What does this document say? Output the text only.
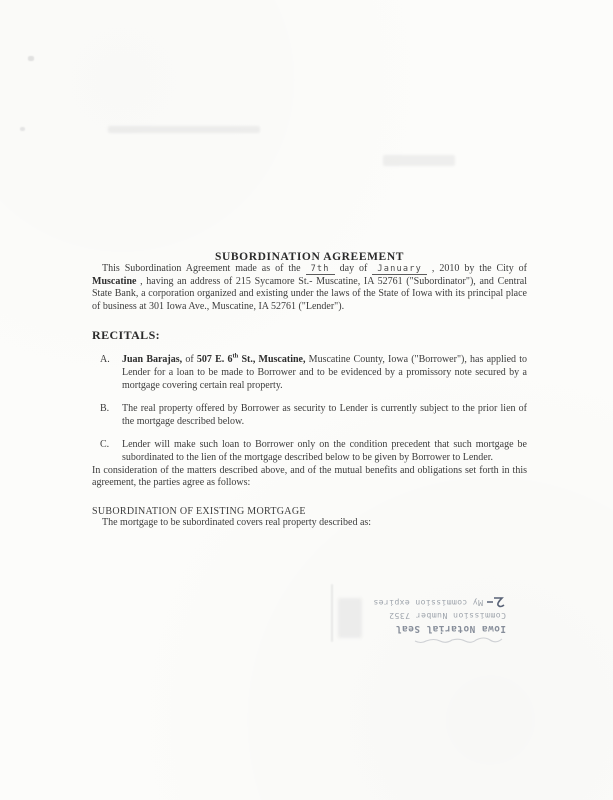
SUBORDINATION AGREEMENT

This Subordination Agreement made as of the 7th day of January , 2010 by the City of Muscatine , having an address of 215 Sycamore St.- Muscatine, IA 52761 ("Subordinator"), and Central State Bank, a corporation organized and existing under the laws of the State of Iowa with its principal place of business at 301 Iowa Ave., Muscatine, IA 52761 ("Lender").

RECITALS:
A.	Juan Barajas, of 507 E. 6th St., Muscatine, Muscatine County, Iowa ("Borrower"), has applied to Lender for a loan to be made to Borrower and to be evidenced by a promissory note secured by a mortgage covering certain real property.
B.	The real property offered by Borrower as security to Lender is currently subject to the prior lien of the mortgage described below.
C.	Lender will make such loan to Borrower only on the condition precedent that such mortgage be subordinated to the lien of the mortgage described below to be given by Borrower to Lender.

In consideration of the matters described above, and of the mutual benefits and obligations set forth in this agreement, the parties agree as follows:

SUBORDINATION OF EXISTING MORTGAGE

The mortgage to be subordinated covers real property described as:

Iowa Notarial Seal
Commission Number 7352
My commission expires
